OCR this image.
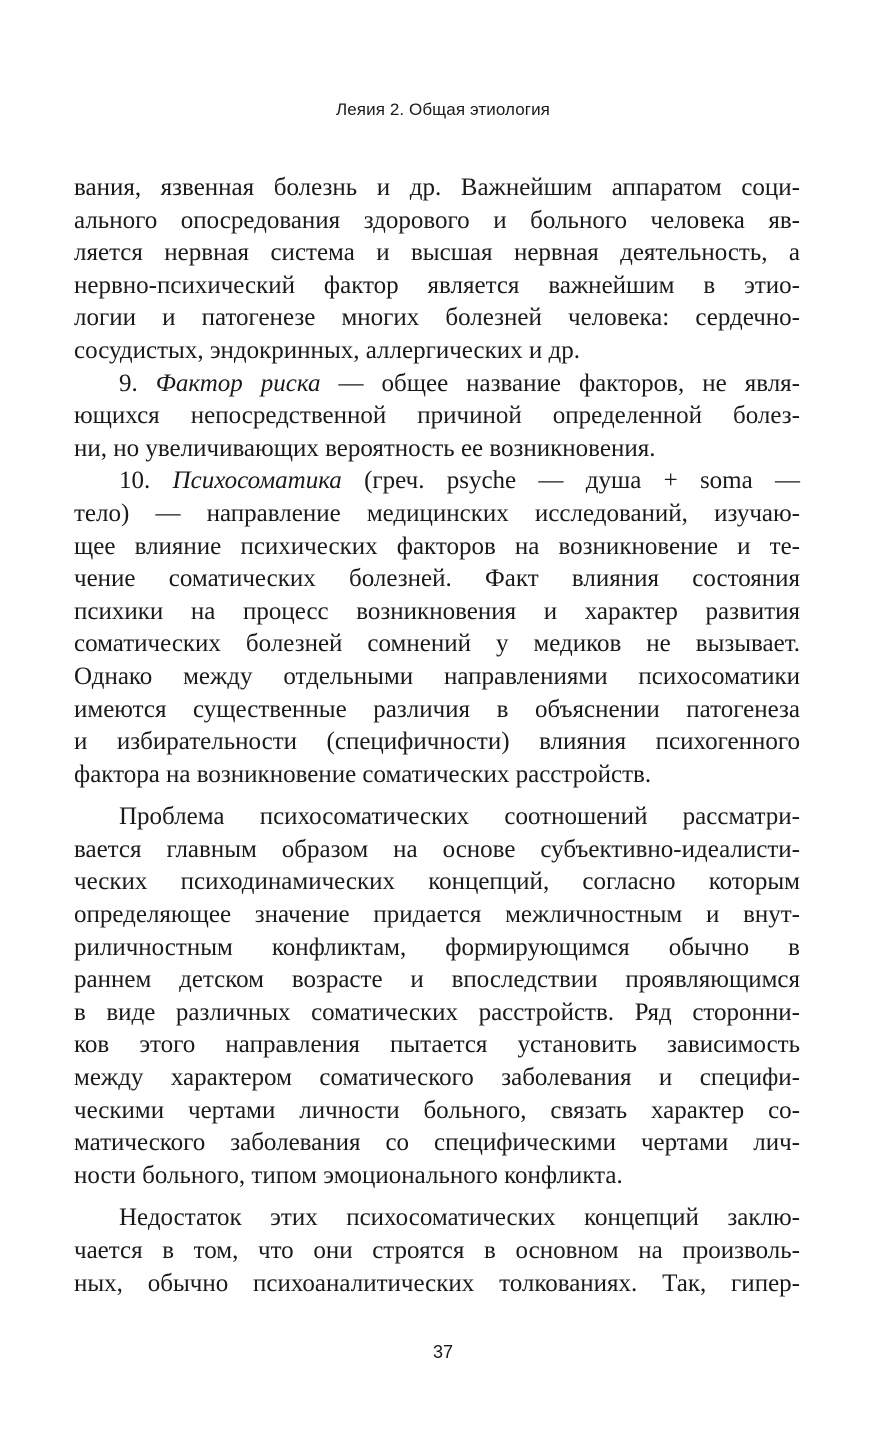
Леяия 2. Общая этиология
вания, язвенная болезнь и др. Важнейшим аппаратом соци-
ального опосредования здорового и больного человека яв-
ляется нервная система и высшая нервная деятельность, а
нервно-психический фактор является важнейшим в этио-
логии и патогенезе многих болезней человека: сердечно-
сосудистых, эндокринных, аллергических и др.
9. Фактор риска — общее название факторов, не явля-
ющихся непосредственной причиной определенной болез-
ни, но увеличивающих вероятность ее возникновения.
10. Психосоматика (греч. psyche — душа + soma —
тело) — направление медицинских исследований, изучаю-
щее влияние психических факторов на возникновение и те-
чение соматических болезней. Факт влияния состояния
психики на процесс возникновения и характер развития
соматических болезней сомнений у медиков не вызывает.
Однако между отдельными направлениями психосоматики
имеются существенные различия в объяснении патогенеза
и избирательности (специфичности) влияния психогенного
фактора на возникновение соматических расстройств.
Проблема психосоматических соотношений рассматри-
вается главным образом на основе субъективно-идеалисти-
ческих психодинамических концепций, согласно которым
определяющее значение придается межличностным и внут-
риличностным конфликтам, формирующимся обычно в
раннем детском возрасте и впоследствии проявляющимся
в виде различных соматических расстройств. Ряд сторонни-
ков этого направления пытается установить зависимость
между характером соматического заболевания и специфи-
ческими чертами личности больного, связать характер со-
матического заболевания со специфическими чертами лич-
ности больного, типом эмоционального конфликта.
Недостаток этих психосоматических концепций заклю-
чается в том, что они строятся в основном на произволь-
ных, обычно психоаналитических толкованиях. Так, гипер-
37
